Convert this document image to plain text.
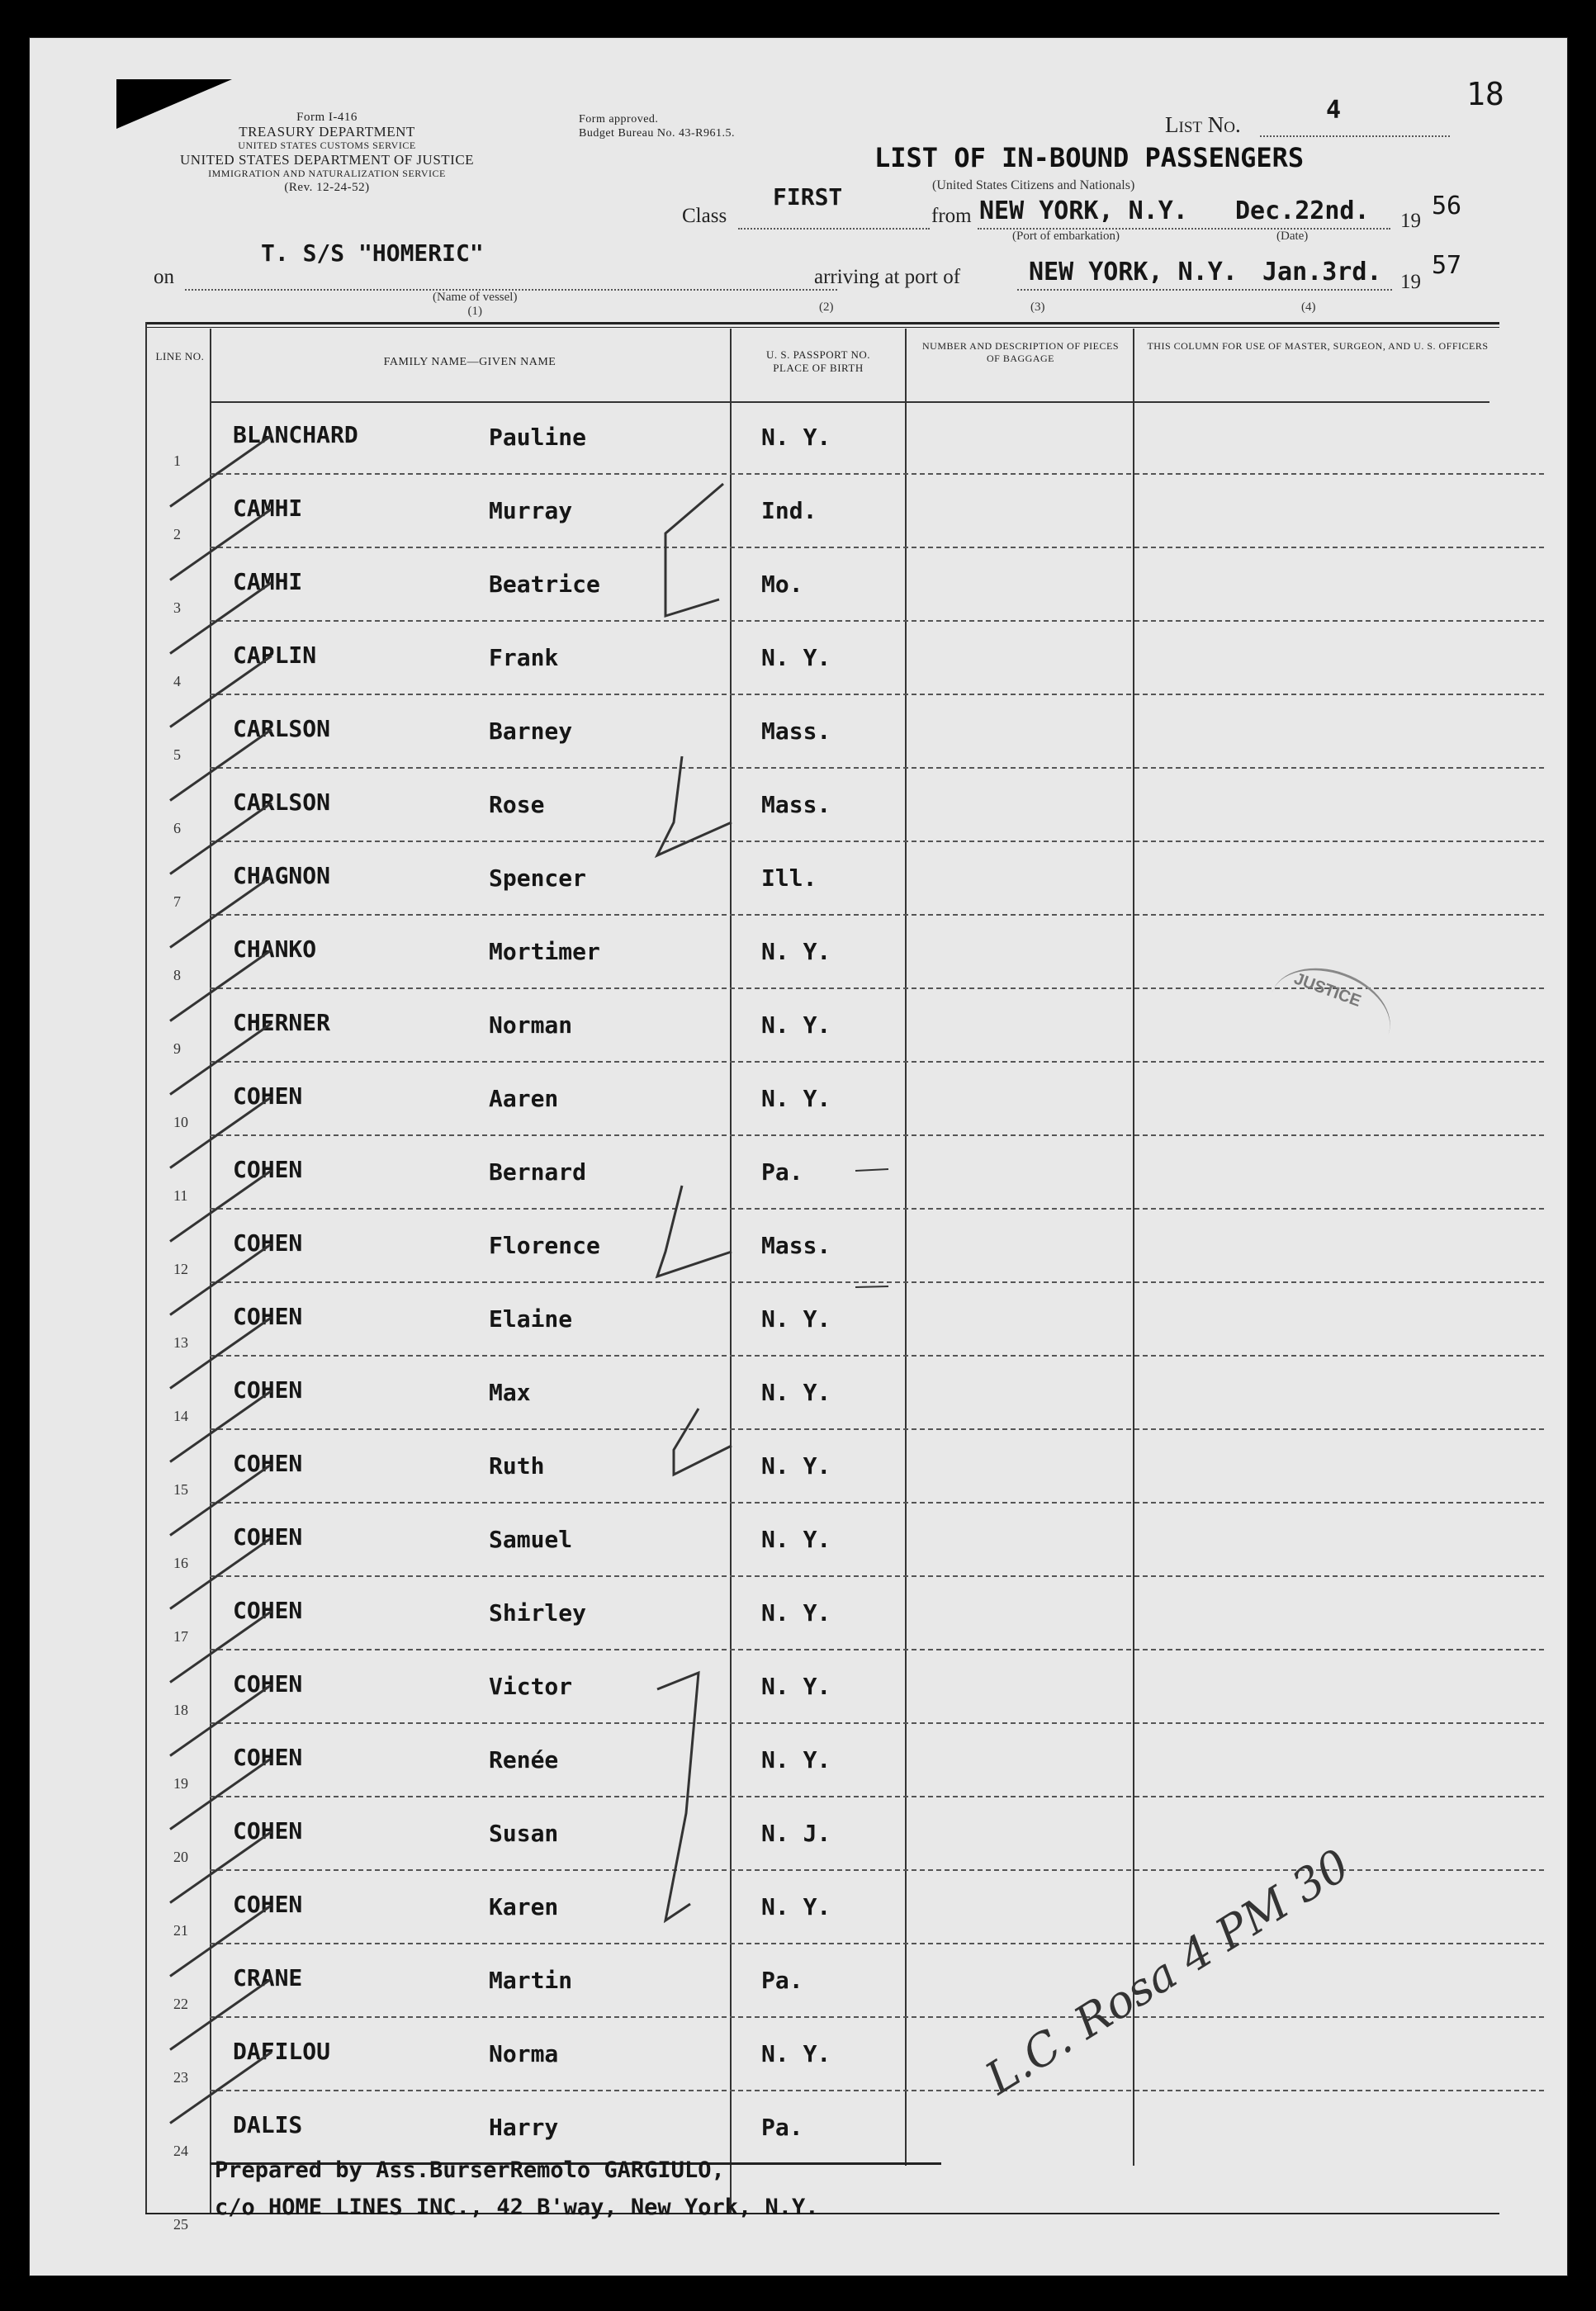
18
4
List No.
Form I-416
TREASURY DEPARTMENT
UNITED STATES CUSTOMS SERVICE
UNITED STATES DEPARTMENT OF JUSTICE
IMMIGRATION AND NATURALIZATION SERVICE
(Rev. 12-24-52)
Form approved.
Budget Bureau No. 43-R961.5.
LIST OF IN-BOUND PASSENGERS
(United States Citizens and Nationals)
Class
FIRST
from NEW YORK, N.Y. Dec.22nd. 19
56
(Port of embarkation)	(Date)
T. S/S "HOMERIC"
on
(Name of vessel)
(1)
arriving at port of	NEW YORK, N.Y. Jan.3rd. 19
57
(2)	(3)	(4)
LINE NO.	FAMILY NAME—GIVEN NAME
U. S. PASSPORT NO. PLACE OF BIRTH
NUMBER AND DESCRIPTION OF PIECES OF BAGGAGE
THIS COLUMN FOR USE OF MASTER, SURGEON, AND U. S. OFFICERS
1
BLANCHARD	Pauline	N. Y.
2
CAMHI	Murray	Ind.
3
CAMHI	Beatrice	Mo.
4
CAPLIN	Frank	N. Y.
5
CARLSON	Barney	Mass.
6
CARLSON	Rose	Mass.
7
CHAGNON	Spencer	Ill.
8
CHANKO	Mortimer	N. Y.
9
CHERNER	Norman	N. Y.
10
COHEN	Aaren	N. Y.
11
COHEN	Bernard	Pa.
12
COHEN	Florence	Mass.
13
COHEN	Elaine	N. Y.
14
COHEN	Max	N. Y.
15
COHEN	Ruth	N. Y.
16
COHEN	Samuel	N. Y.
17
COHEN	Shirley	N. Y.
18
COHEN	Victor	N. Y.
19
COHEN	Renée	N. Y.
20
COHEN	Susan	N. J.
21
COHEN	Karen	N. Y.
22
CRANE	Martin	Pa.
23
DAFILOU	Norma	N. Y.
24
DALIS	Harry	Pa.
25
Prepared by Ass.BurserRemolo GARGIULO,
c/o HOME LINES INC., 42 B'way, New York, N.Y.
JUSTICE
L.C. Rosa 4 PM 30
